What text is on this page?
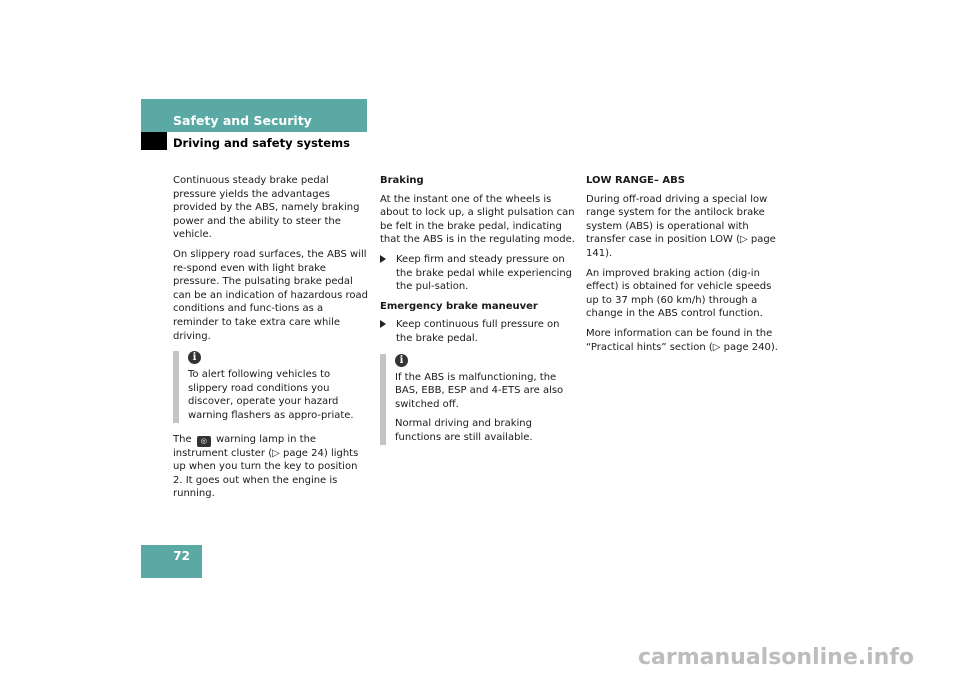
Safety and Security
Driving and safety systems

Continuous steady brake pedal pressure yields the advantages provided by the ABS, namely braking power and the ability to steer the vehicle.

On slippery road surfaces, the ABS will re-spond even with light brake pressure. The pulsating brake pedal can be an indication of hazardous road conditions and func-tions as a reminder to take extra care while driving.

i

To alert following vehicles to slippery road conditions you discover, operate your hazard warning flashers as appro-priate.

The ◎ warning lamp in the instrument cluster (▷ page 24) lights up when you turn the key to position 2. It goes out when the engine is running.

Braking

At the instant one of the wheels is about to lock up, a slight pulsation can be felt in the brake pedal, indicating that the ABS is in the regulating mode.

Keep firm and steady pressure on the brake pedal while experiencing the pul-sation.

Emergency brake maneuver

Keep continuous full pressure on the brake pedal.
i

If the ABS is malfunctioning, the BAS, EBB, ESP and 4-ETS are also switched off.

Normal driving and braking functions are still available.

LOW RANGE– ABS

During off-road driving a special low range system for the antilock brake system (ABS) is operational with transfer case in position LOW (▷ page 141).

An improved braking action (dig-in effect) is obtained for vehicle speeds up to 37 mph (60 km/h) through a change in the ABS control function.

More information can be found in the “Practical hints” section (▷ page 240).

72
carmanualsonline.info
